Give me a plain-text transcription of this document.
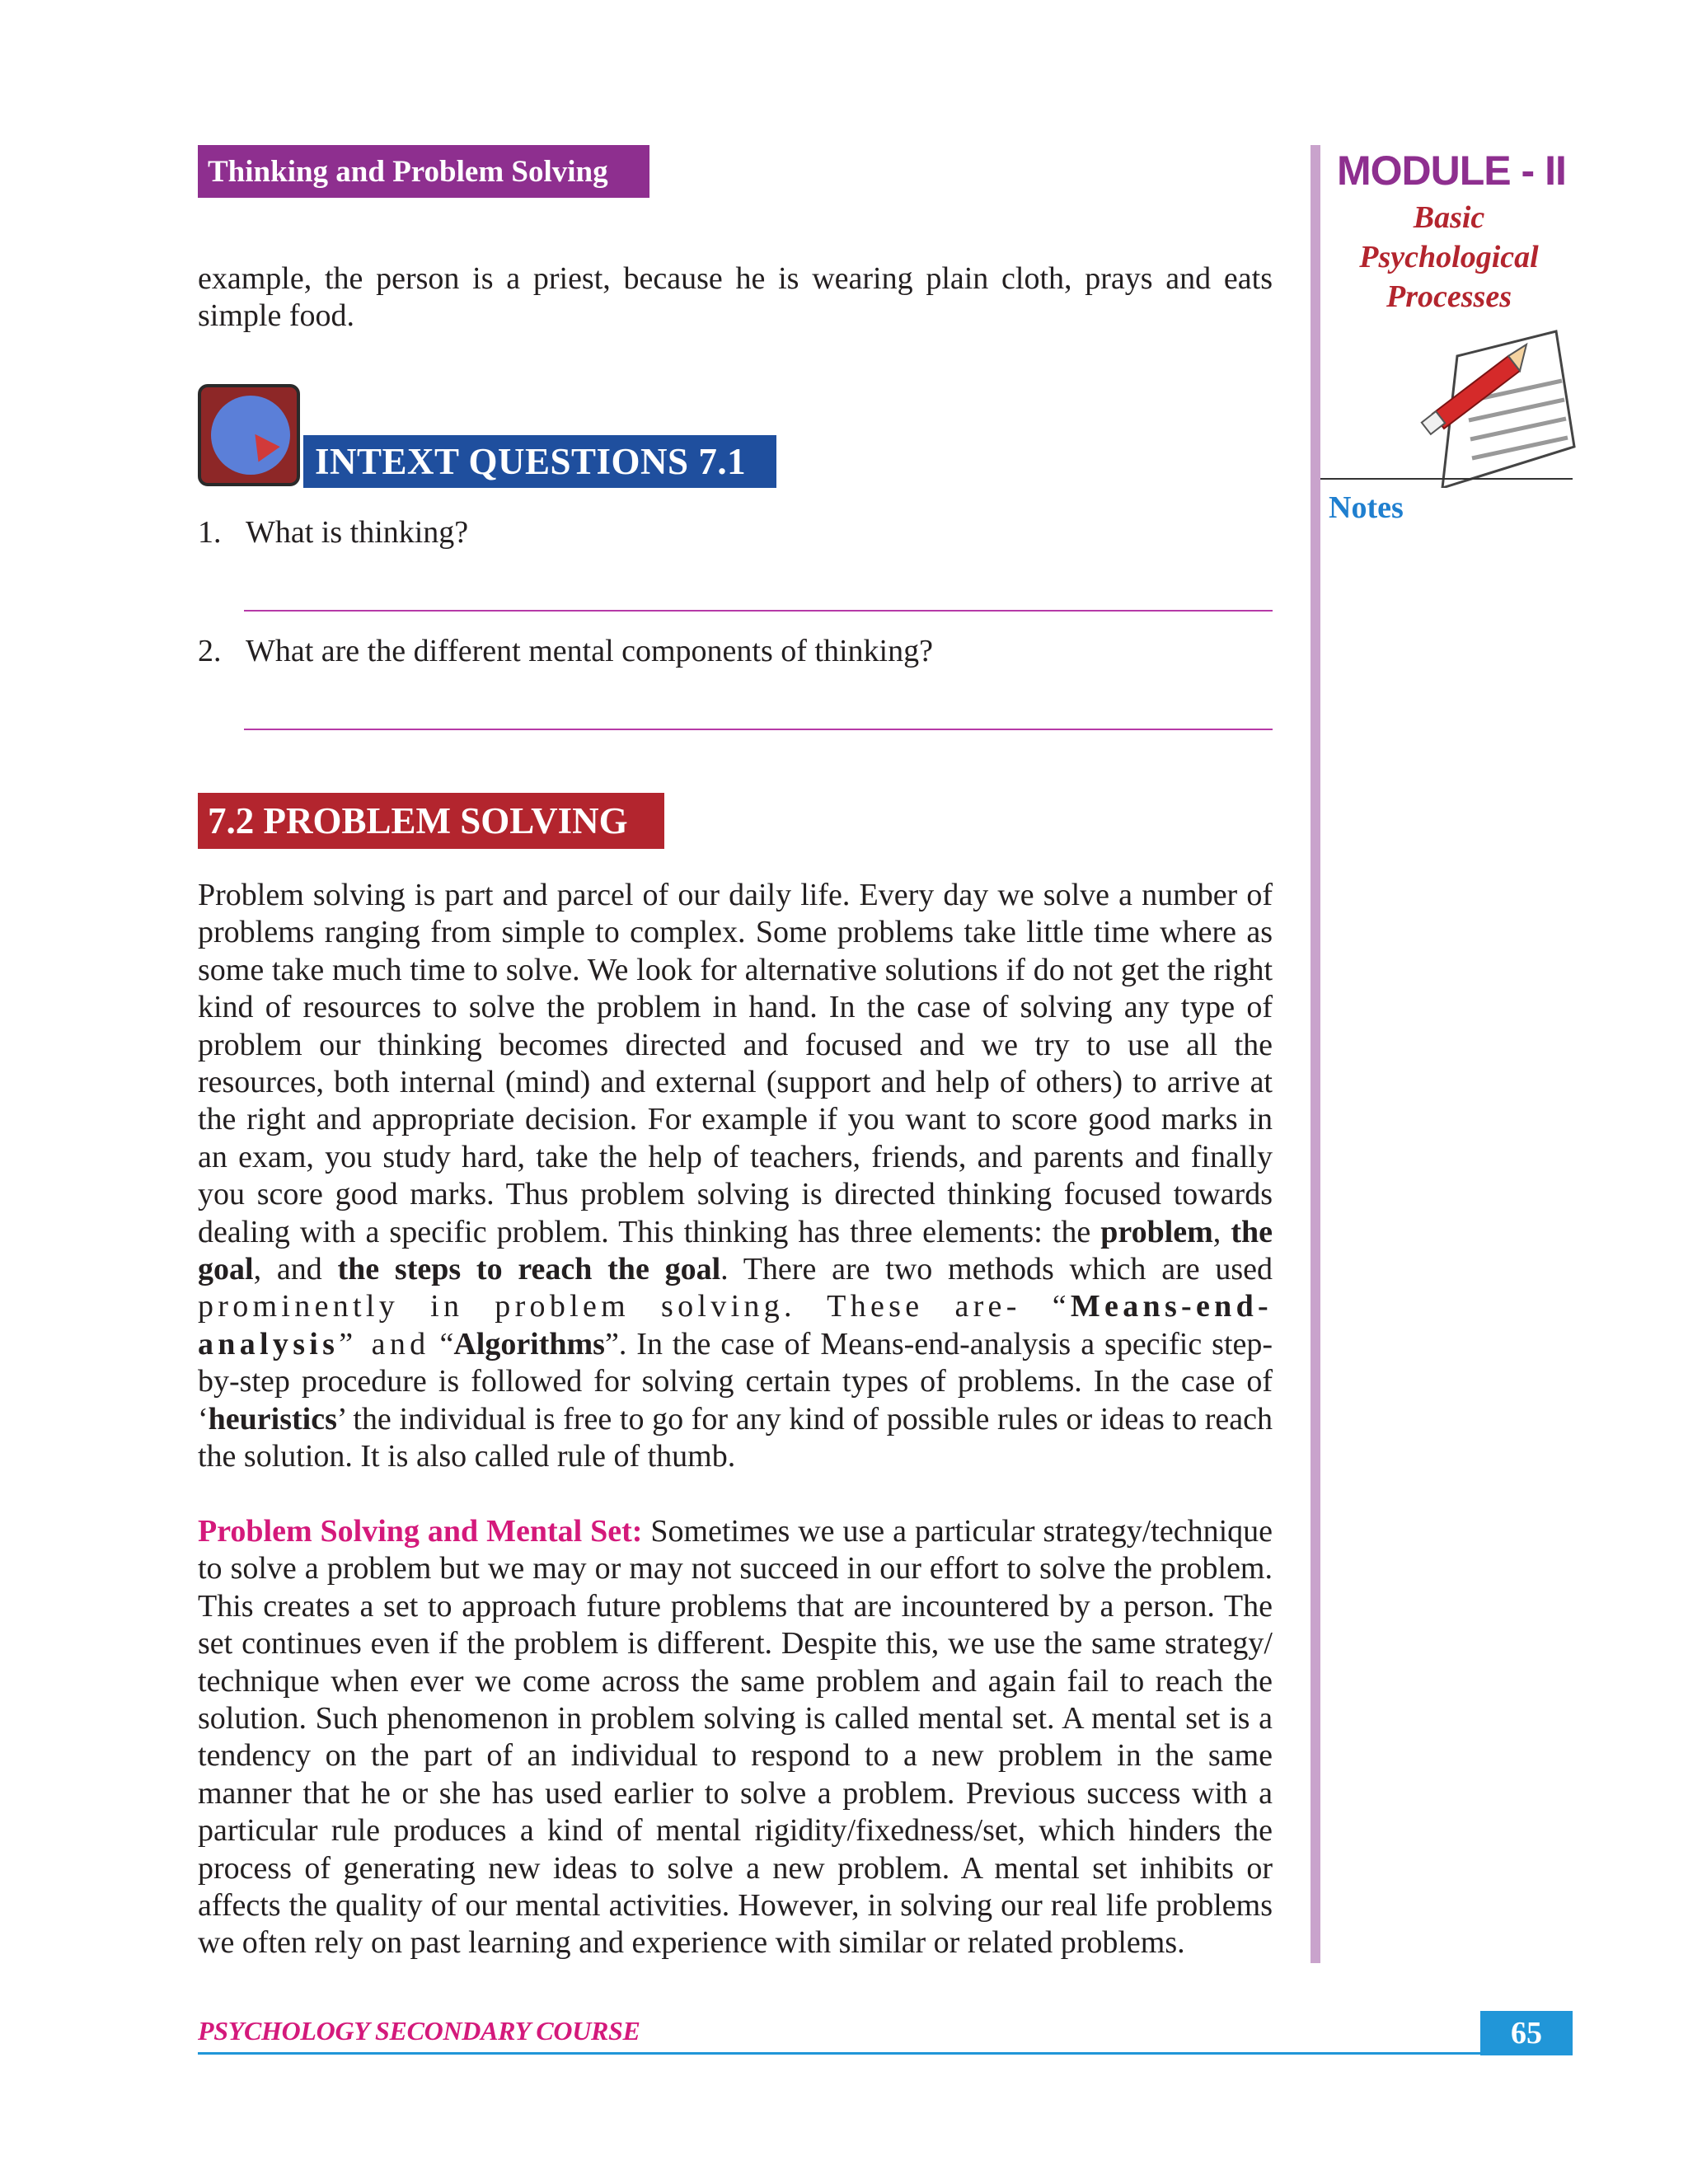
Thinking and Problem Solving

example, the person is a priest, because he is wearing plain cloth, prays and eats simple food.

INTEXT QUESTIONS 7.1

1. What is thinking?

2. What are the different mental components of thinking?

7.2 PROBLEM SOLVING

Problem solving is part and parcel of our daily life. Every day we solve a number of problems ranging from simple to complex. Some problems take little time where as some take much time to solve. We look for alternative solutions if do not get the right kind of resources to solve the problem in hand. In the case of solving any type of problem our thinking becomes directed and focused and we try to use all the resources, both internal (mind) and external (support and help of others) to arrive at the right and appropriate decision. For example if you want to score good marks in an exam, you study hard, take the help of teachers, friends, and parents and finally you score good marks. Thus problem solving is directed thinking focused towards dealing with a specific problem. This thinking has three elements: the problem, the goal, and the steps to reach the goal. There are two methods which are used prominently in problem solving. These are- “Means-end-analysis” and “Algorithms”. In the case of Means-end-analysis a specific step-by-step procedure is followed for solving certain types of problems. In the case of ‘heuristics’ the individual is free to go for any kind of possible rules or ideas to reach the solution. It is also called rule of thumb.

Problem Solving and Mental Set: Sometimes we use a particular strategy/technique to solve a problem but we may or may not succeed in our effort to solve the problem. This creates a set to approach future problems that are incountered by a person. The set continues even if the problem is different. Despite this, we use the same strategy/ technique when ever we come across the same problem and again fail to reach the solution. Such phenomenon in problem solving is called mental set. A mental set is a tendency on the part of an individual to respond to a new problem in the same manner that he or she has used earlier to solve a problem. Previous success with a particular rule produces a kind of mental rigidity/fixedness/set, which hinders the process of generating new ideas to solve a new problem. A mental set inhibits or affects the quality of our mental activities. However, in solving our real life problems we often rely on past learning and experience with similar or related problems.

MODULE - II
Basic
Psychological
Processes
Notes
PSYCHOLOGY SECONDARY COURSE	65
